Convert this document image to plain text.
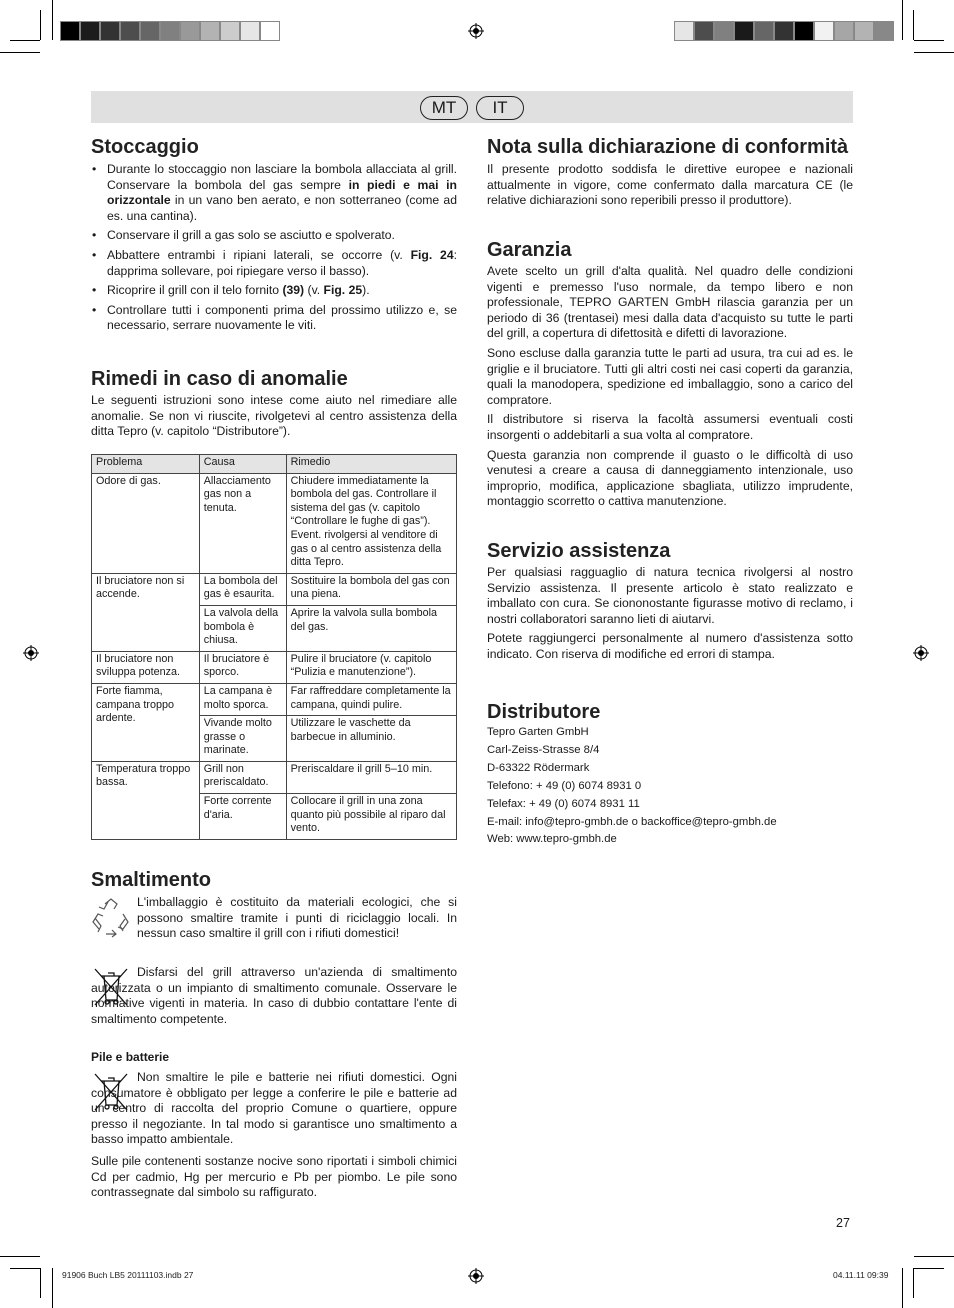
MT	IT
Stoccaggio
• Durante lo stoccaggio non lasciare la bombola allacciata al grill. Conservare la bombola del gas sempre in piedi e mai in orizzontale in un vano ben aerato, e non sotterraneo (come ad es. una cantina).
• Conservare il grill a gas solo se asciutto e spolverato.
• Abbattere entrambi i ripiani laterali, se occorre (v. Fig. 24: dapprima sollevare, poi ripiegare verso il basso).
• Ricoprire il grill con il telo fornito (39) (v. Fig. 25).
• Controllare tutti i componenti prima del prossimo utilizzo e, se necessario, serrare nuovamente le viti.
Rimedi in caso di anomalie

Le seguenti istruzioni sono intese come aiuto nel rimediare alle anomalie. Se non vi riuscite, rivolgetevi al centro assistenza della ditta Tepro (v. capitolo “Distributore”).

Problema	Causa	Rimedio
Odore di gas.	Allacciamento gas non a tenuta.	Chiudere immediatamente la bombola del gas. Controllare il sistema del gas (v. capitolo “Controllare le fughe di gas”). Event. rivolgersi al venditore di gas o al centro assistenza della ditta Tepro.
Il bruciatore non si accende.	La bombola del gas è esaurita.	Sostituire la bombola del gas con una piena.
	La valvola della bombola è chiusa.	Aprire la valvola sulla bombola del gas.
Il bruciatore non sviluppa potenza.	Il bruciatore è sporco.	Pulire il bruciatore (v. capitolo “Pulizia e manutenzione”).
Forte fiamma, campana troppo ardente.	La campana è molto sporca.	Far raffreddare completamente la campana, quindi pulire.
	Vivande molto grasse o marinate.	Utilizzare le vaschette da barbecue in alluminio.
Temperatura troppo bassa.	Grill non preriscaldato.	Preriscaldare il grill 5–10 min.
	Forte corrente d'aria.	Collocare il grill in una zona quanto più possibile al riparo dal vento.
Smaltimento
L'imballaggio è costituito da materiali ecologici, che si possono smaltire tramite i punti di riciclaggio locali. In nessun caso smaltire il grill con i rifiuti domestici!
Disfarsi del grill attraverso un'azienda di smaltimento autorizzata o un impianto di smaltimento comunale. Osservare le normative vigenti in materia. In caso di dubbio contattare l'ente di smaltimento competente.
Pile e batterie

Non smaltire le pile e batterie nei rifiuti domestici. Ogni consumatore è obbligato per legge a conferire le pile e batterie ad un centro di raccolta del proprio Comune o quartiere, oppure presso il negoziante. In tal modo si garantisce uno smaltimento a basso impatto ambientale.

Sulle pile contenenti sostanze nocive sono riportati i simboli chimici Cd per cadmio, Hg per mercurio e Pb per piombo. Le pile sono contrassegnate dal simbolo su raffigurato.

Nota sulla dichiarazione di conformità
Il presente prodotto soddisfa le direttive europee e nazionali attualmente in vigore, come confermato dalla marcatura CE (le relative dichiarazioni sono reperibili presso il produttore).
Garanzia

Avete scelto un grill d'alta qualità. Nel quadro delle condizioni vigenti e premesso l'uso normale, da tempo libero e non professionale, TEPRO GARTEN GmbH rilascia garanzia per un periodo di 36 (trentasei) mesi dalla data d'acquisto su tutte le parti del grill, a copertura di difettosità e difetti di lavorazione.

Sono escluse dalla garanzia tutte le parti ad usura, tra cui ad es. le griglie e il bruciatore. Tutti gli altri costi nei casi coperti da garanzia, quali la manodopera, spedizione ed imballaggio, sono a carico del compratore.

Il distributore si riserva la facoltà assumersi eventuali costi insorgenti o addebitarli a sua volta al compratore.

Questa garanzia non comprende il guasto o le difficoltà di uso venutesi a creare a causa di danneggiamento intenzionale, uso improprio, modifica, applicazione sbagliata, utilizzo imprudente, montaggio scorretto o cattiva manutenzione.

Servizio assistenza

Per qualsiasi ragguaglio di natura tecnica rivolgersi al nostro Servizio assistenza. Il presente articolo è stato realizzato e imballato con cura. Se ciononostante figurasse motivo di reclamo, i nostri collaboratori saranno lieti di aiutarvi.

Potete raggiungerci personalmente al numero d'assistenza sotto indicato. Con riserva di modifiche ed errori di stampa.

Distributore
Tepro Garten GmbH
Carl-Zeiss-Strasse 8/4
D-63322 Rödermark
Telefono: + 49 (0) 6074 8931 0
Telefax: + 49 (0) 6074 8931 11
E-mail: info@tepro-gmbh.de o backoffice@tepro-gmbh.de
Web: www.tepro-gmbh.de
27
91906 Buch LB5 20111103.indb 27	04.11.11 09:39
